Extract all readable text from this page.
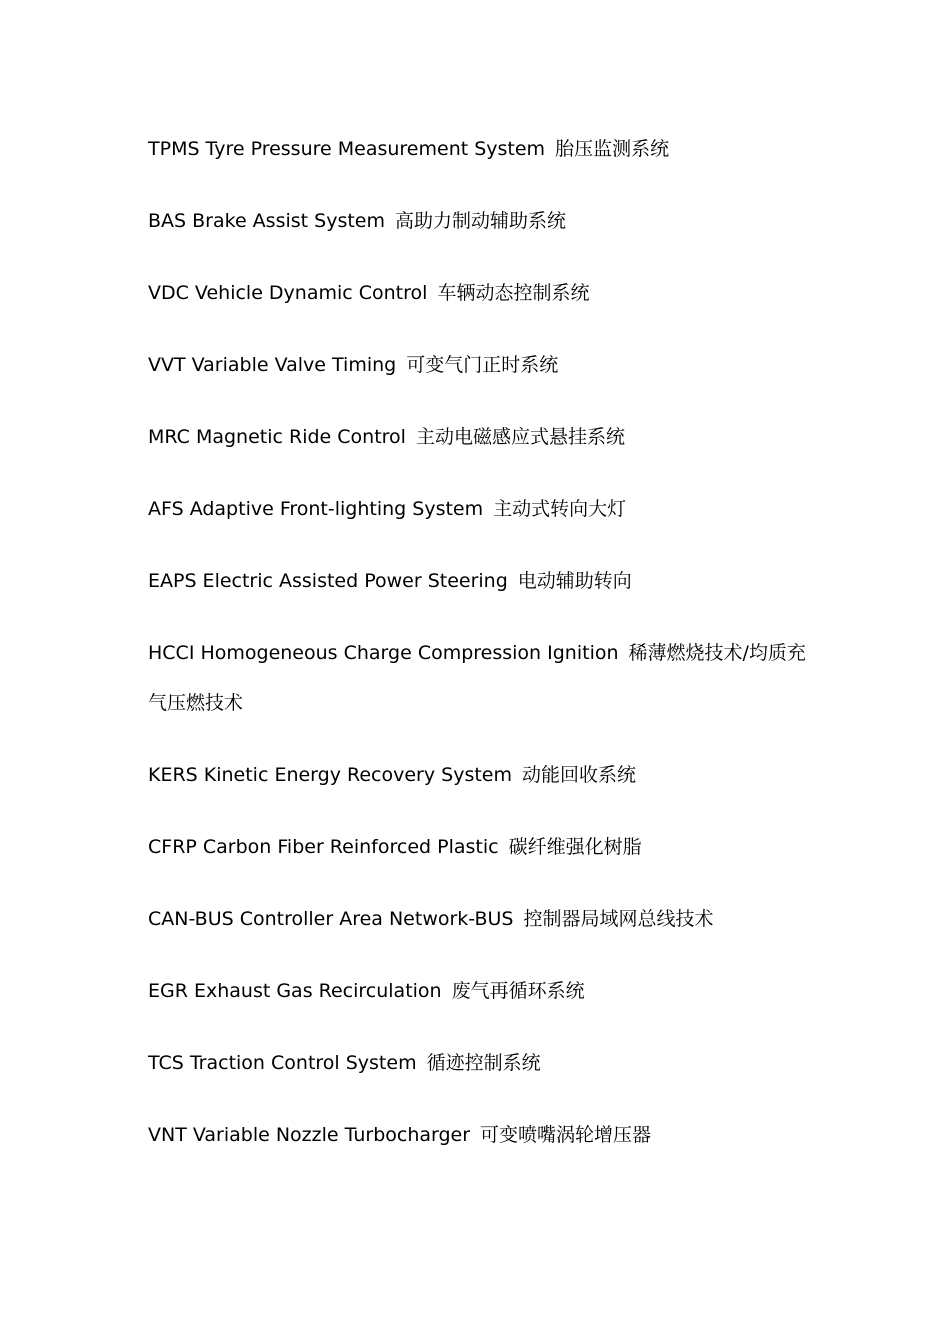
TPMS Tyre Pressure Measurement System 胎压监测系统
BAS Brake Assist System 高助力制动辅助系统
VDC Vehicle Dynamic Control 车辆动态控制系统
VVT Variable Valve Timing 可变气门正时系统
MRC Magnetic Ride Control 主动电磁感应式悬挂系统
AFS Adaptive Front-lighting System 主动式转向大灯
EAPS Electric Assisted Power Steering 电动辅助转向
HCCI Homogeneous Charge Compression Ignition 稀薄燃烧技术/均质充气压燃技术
KERS Kinetic Energy Recovery System 动能回收系统
CFRP Carbon Fiber Reinforced Plastic 碳纤维强化树脂
CAN-BUS Controller Area Network-BUS 控制器局域网总线技术
EGR Exhaust Gas Recirculation 废气再循环系统
TCS Traction Control System 循迹控制系统
VNT Variable Nozzle Turbocharger 可变喷嘴涡轮增压器
